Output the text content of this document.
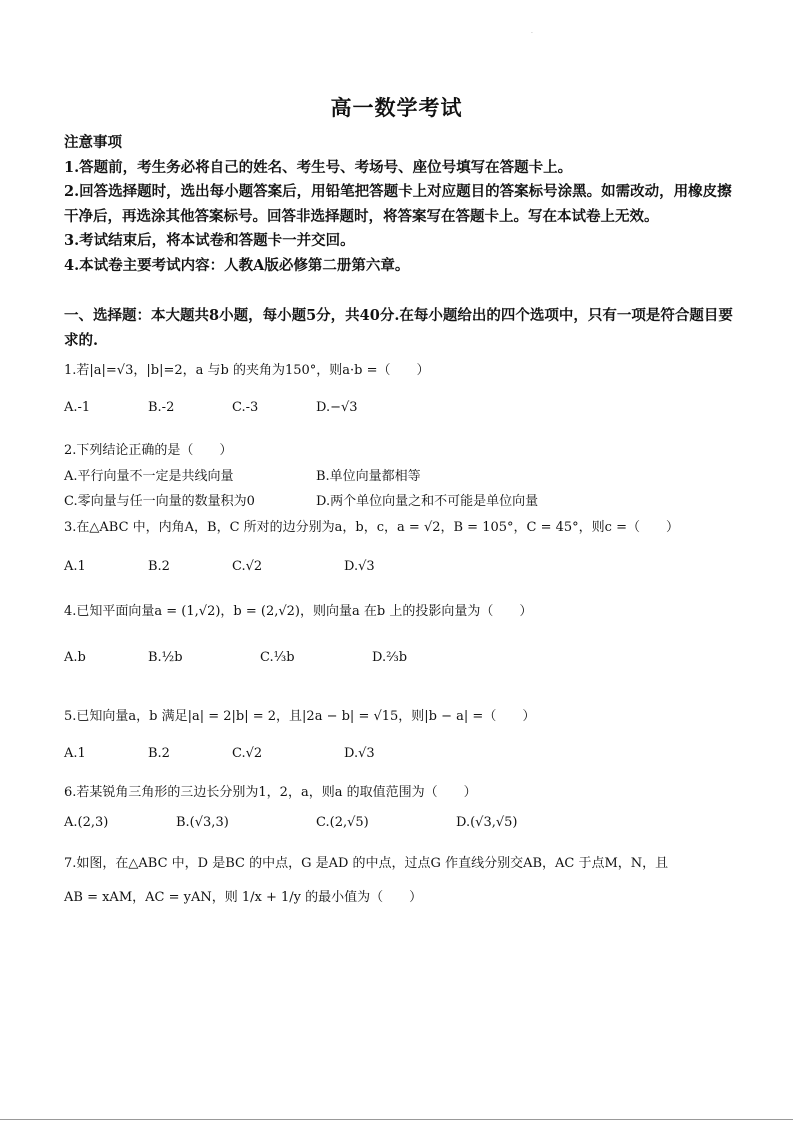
·
高一数学考试
注意事项
1.答题前，考生务必将自己的姓名、考生号、考场号、座位号填写在答题卡上。
2.回答选择题时，选出每小题答案后，用铅笔把答题卡上对应题目的答案标号涂黑。如需改动，用橡皮擦干净后，再选涂其他答案标号。回答非选择题时，将答案写在答题卡上。写在本试卷上无效。
3.考试结束后，将本试卷和答题卡一并交回。
4.本试卷主要考试内容：人教A版必修第二册第六章。
一、选择题：本大题共8小题，每小题5分，共40分.在每小题给出的四个选项中，只有一项是符合题目要求的.
1.若|a|=√3，|b|=2，a 与b 的夹角为150°，则a·b =（　　）
A.-1	B.-2	C.-3	D.−√3
2.下列结论正确的是（　　）
A.平行向量不一定是共线向量	B.单位向量都相等
C.零向量与任一向量的数量积为0	D.两个单位向量之和不可能是单位向量
3.在△ABC 中，内角A，B，C 所对的边分别为a，b，c，a = √2，B = 105°，C = 45°，则c =（　　）
A.1	B.2	C.√2	D.√3
4.已知平面向量a = (1,√2)，b = (2,√2)，则向量a 在b 上的投影向量为（　　）
A.b	B.½b	C.⅓b	D.⅔b
5.已知向量a，b 满足|a| = 2|b| = 2，且|2a − b| = √15，则|b − a| =（　　）
A.1	B.2	C.√2	D.√3
6.若某锐角三角形的三边长分别为1，2，a，则a 的取值范围为（　　）
A.(2,3)	B.(√3,3)	C.(2,√5)	D.(√3,√5)
7.如图，在△ABC 中，D 是BC 的中点，G 是AD 的中点，过点G 作直线分别交AB，AC 于点M，N，且
AB = xAM，AC = yAN，则 1/x + 1/y 的最小值为（　　）
